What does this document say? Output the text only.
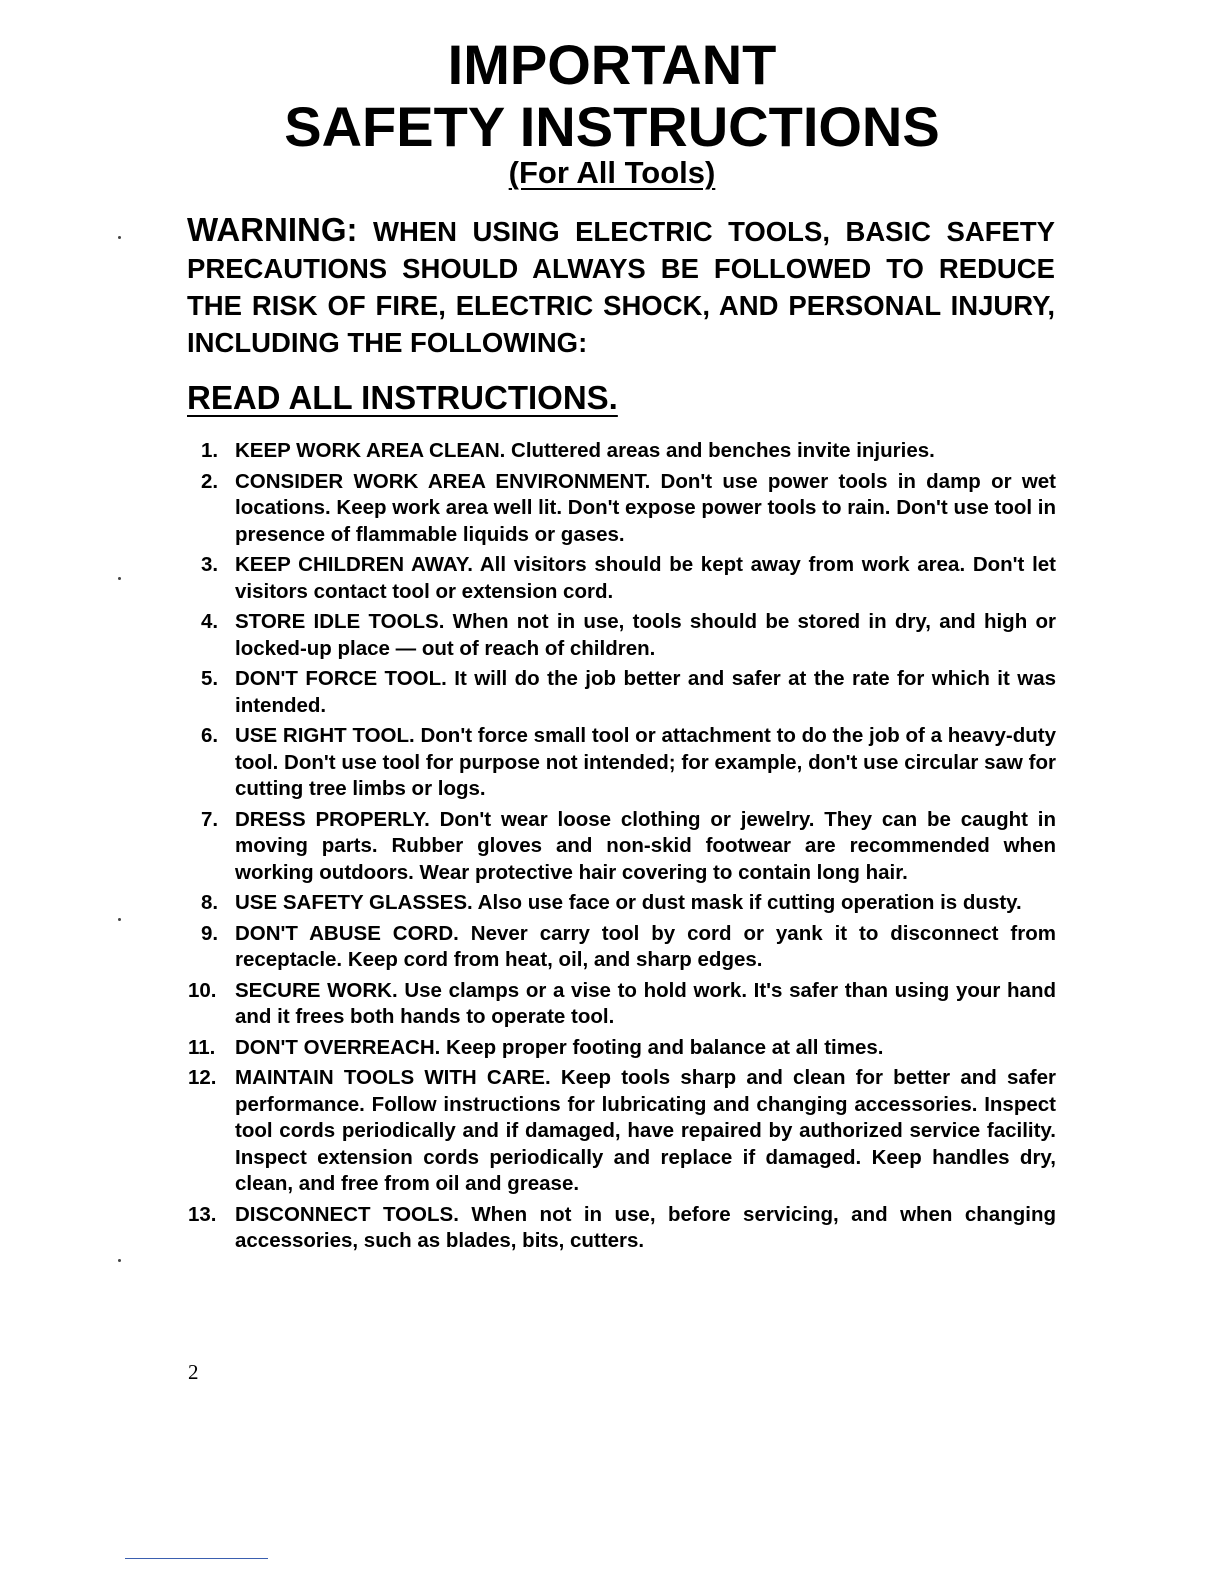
IMPORTANT
SAFETY INSTRUCTIONS
(For All Tools)
WARNING: WHEN USING ELECTRIC TOOLS, BASIC SAFETY PRECAUTIONS SHOULD ALWAYS BE FOLLOWED TO REDUCE THE RISK OF FIRE, ELECTRIC SHOCK, AND PERSONAL INJURY, INCLUDING THE FOLLOWING:
READ ALL INSTRUCTIONS.
1. KEEP WORK AREA CLEAN. Cluttered areas and benches invite injuries.
2. CONSIDER WORK AREA ENVIRONMENT. Don't use power tools in damp or wet locations. Keep work area well lit. Don't expose power tools to rain. Don't use tool in presence of flammable liquids or gases.
3. KEEP CHILDREN AWAY. All visitors should be kept away from work area. Don't let visitors contact tool or extension cord.
4. STORE IDLE TOOLS. When not in use, tools should be stored in dry, and high or locked-up place — out of reach of children.
5. DON'T FORCE TOOL. It will do the job better and safer at the rate for which it was intended.
6. USE RIGHT TOOL. Don't force small tool or attachment to do the job of a heavy-duty tool. Don't use tool for purpose not intended; for example, don't use circular saw for cutting tree limbs or logs.
7. DRESS PROPERLY. Don't wear loose clothing or jewelry. They can be caught in moving parts. Rubber gloves and non-skid footwear are recommended when working outdoors. Wear protective hair covering to contain long hair.
8. USE SAFETY GLASSES. Also use face or dust mask if cutting operation is dusty.
9. DON'T ABUSE CORD. Never carry tool by cord or yank it to disconnect from receptacle. Keep cord from heat, oil, and sharp edges.
10. SECURE WORK. Use clamps or a vise to hold work. It's safer than using your hand and it frees both hands to operate tool.
11. DON'T OVERREACH. Keep proper footing and balance at all times.
12. MAINTAIN TOOLS WITH CARE. Keep tools sharp and clean for better and safer performance. Follow instructions for lubricating and changing accessories. Inspect tool cords periodically and if damaged, have repaired by authorized service facility. Inspect extension cords periodically and replace if damaged. Keep handles dry, clean, and free from oil and grease.
13. DISCONNECT TOOLS. When not in use, before servicing, and when changing accessories, such as blades, bits, cutters.
2
